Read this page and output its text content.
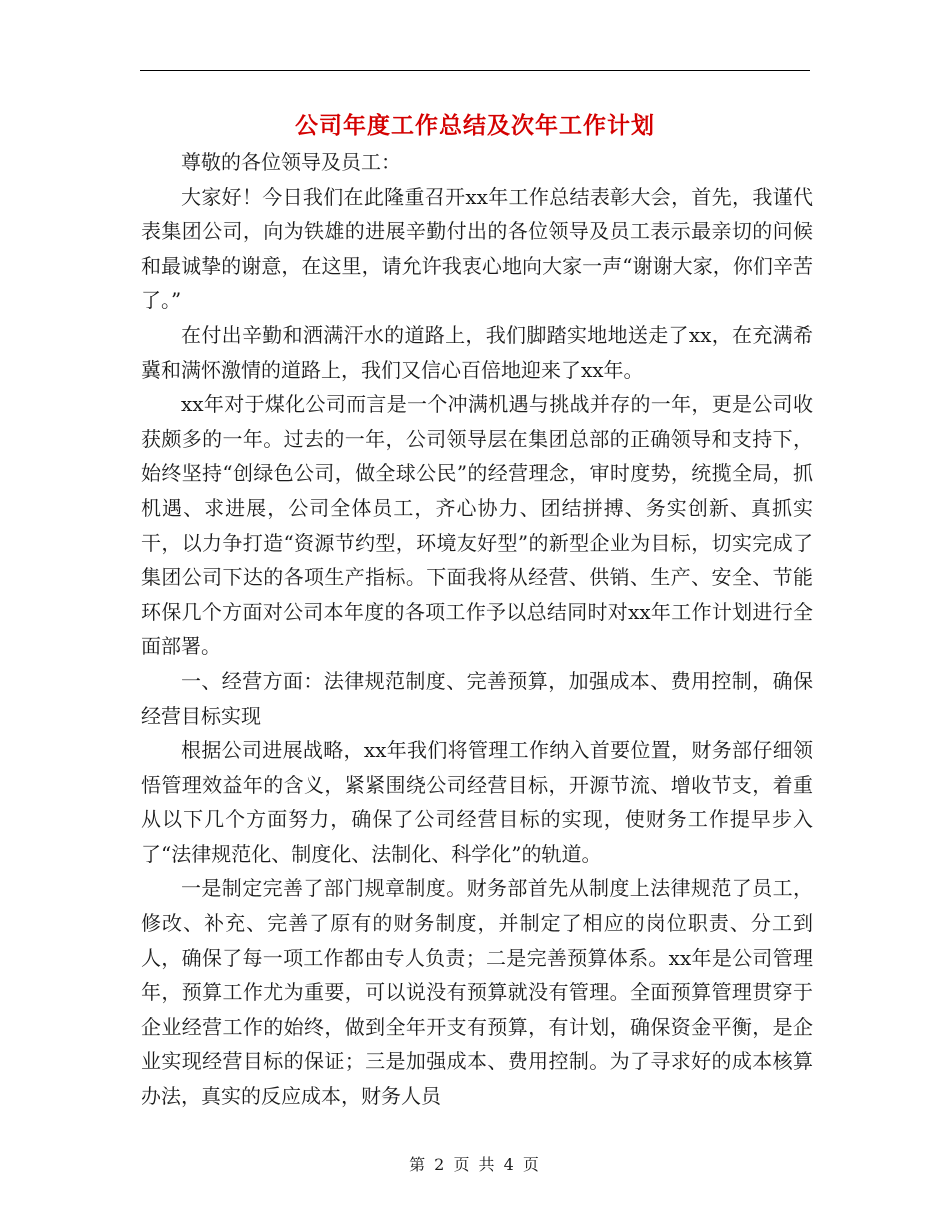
公司年度工作总结及次年工作计划

尊敬的各位领导及员工：

大家好！今日我们在此隆重召开xx年工作总结表彰大会，首先，我谨代表集团公司，向为铁雄的进展辛勤付出的各位领导及员工表示最亲切的问候和最诚挚的谢意，在这里，请允许我衷心地向大家一声“谢谢大家，你们辛苦了。”

在付出辛勤和洒满汗水的道路上，我们脚踏实地地送走了xx，在充满希冀和满怀激情的道路上，我们又信心百倍地迎来了xx年。

xx年对于煤化公司而言是一个冲满机遇与挑战并存的一年，更是公司收获颇多的一年。过去的一年，公司领导层在集团总部的正确领导和支持下，始终坚持“创绿色公司，做全球公民”的经营理念，审时度势，统揽全局，抓机遇、求进展，公司全体员工，齐心协力、团结拼搏、务实创新、真抓实干，以力争打造“资源节约型，环境友好型”的新型企业为目标，切实完成了集团公司下达的各项生产指标。下面我将从经营、供销、生产、安全、节能环保几个方面对公司本年度的各项工作予以总结同时对xx年工作计划进行全面部署。

一、经营方面：法律规范制度、完善预算，加强成本、费用控制，确保经营目标实现

根据公司进展战略，xx年我们将管理工作纳入首要位置，财务部仔细领悟管理效益年的含义，紧紧围绕公司经营目标，开源节流、增收节支，着重从以下几个方面努力，确保了公司经营目标的实现，使财务工作提早步入了“法律规范化、制度化、法制化、科学化”的轨道。

一是制定完善了部门规章制度。财务部首先从制度上法律规范了员工，修改、补充、完善了原有的财务制度，并制定了相应的岗位职责、分工到人，确保了每一项工作都由专人负责；二是完善预算体系。xx年是公司管理年，预算工作尤为重要，可以说没有预算就没有管理。全面预算管理贯穿于企业经营工作的始终，做到全年开支有预算，有计划，确保资金平衡，是企业实现经营目标的保证；三是加强成本、费用控制。为了寻求好的成本核算办法，真实的反应成本，财务人员

第 2 页 共 4 页
